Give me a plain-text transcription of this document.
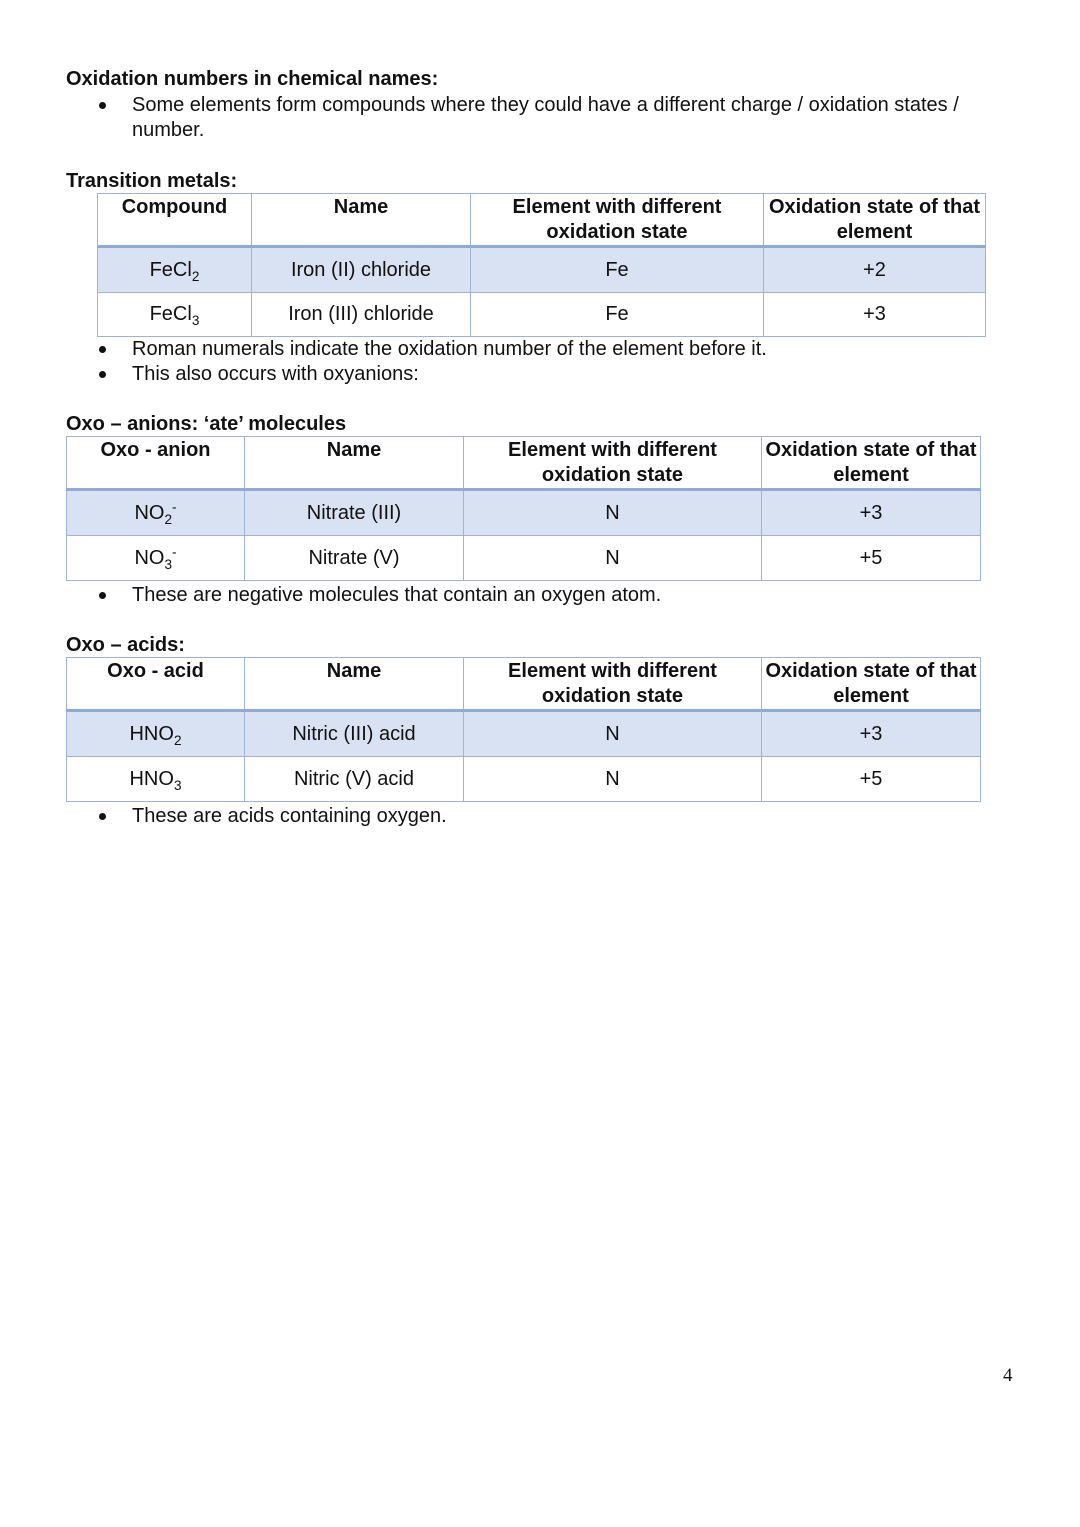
Oxidation numbers in chemical names:
Some elements form compounds where they could have a different charge / oxidation states / number.
Transition metals:
Compound	Name	Element with different oxidation state	Oxidation state of that element
FeCl$_2$	Iron (II) chloride	Fe	+2
FeCl$_3$	Iron (III) chloride	Fe	+3
Roman numerals indicate the oxidation number of the element before it.
This also occurs with oxyanions:
Oxo – anions: ‘ate’ molecules
Oxo - anion	Name	Element with different oxidation state	Oxidation state of that element
$NO_2^-$	Nitrate (III)	N	+3
$NO_3^-$	Nitrate (V)	N	+5
These are negative molecules that contain an oxygen atom.
Oxo – acids:
Oxo - acid	Name	Element with different oxidation state	Oxidation state of that element
$HNO_2$	Nitric (III) acid	N	+3
$HNO_3$	Nitric (V) acid	N	+5
These are acids containing oxygen.
4
